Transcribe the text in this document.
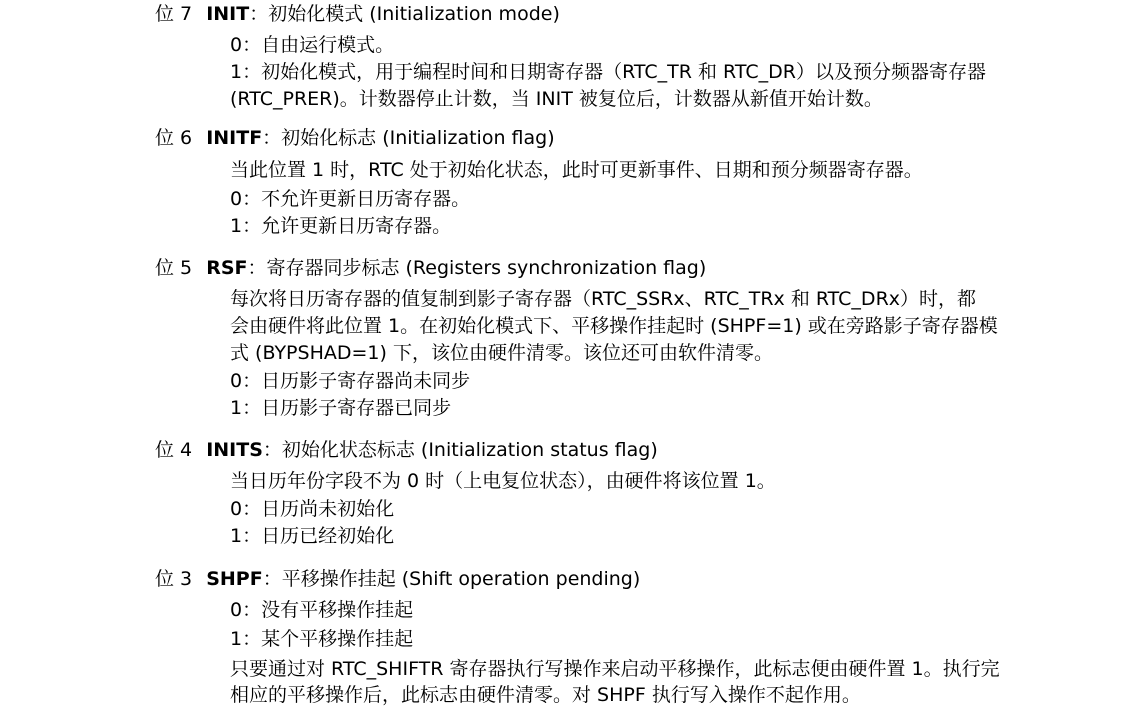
位 7 INIT：初始化模式 (Initialization mode)
0：自由运行模式。
1：初始化模式，用于编程时间和日期寄存器（RTC_TR 和 RTC_DR）以及预分频器寄存器
(RTC_PRER)。计数器停止计数，当 INIT 被复位后，计数器从新值开始计数。
位 6 INITF：初始化标志 (Initialization flag)
当此位置 1 时，RTC 处于初始化状态，此时可更新事件、日期和预分频器寄存器。
0：不允许更新日历寄存器。
1：允许更新日历寄存器。
位 5 RSF：寄存器同步标志 (Registers synchronization flag)
每次将日历寄存器的值复制到影子寄存器（RTC_SSRx、RTC_TRx 和 RTC_DRx）时，都
会由硬件将此位置 1。在初始化模式下、平移操作挂起时 (SHPF=1) 或在旁路影子寄存器模
式 (BYPSHAD=1) 下，该位由硬件清零。该位还可由软件清零。
0：日历影子寄存器尚未同步
1：日历影子寄存器已同步
位 4 INITS：初始化状态标志 (Initialization status flag)
当日历年份字段不为 0 时（上电复位状态），由硬件将该位置 1。
0：日历尚未初始化
1：日历已经初始化
位 3 SHPF：平移操作挂起 (Shift operation pending)
0：没有平移操作挂起
1：某个平移操作挂起
只要通过对 RTC_SHIFTR 寄存器执行写操作来启动平移操作，此标志便由硬件置 1。执行完
相应的平移操作后，此标志由硬件清零。对 SHPF 执行写入操作不起作用。
